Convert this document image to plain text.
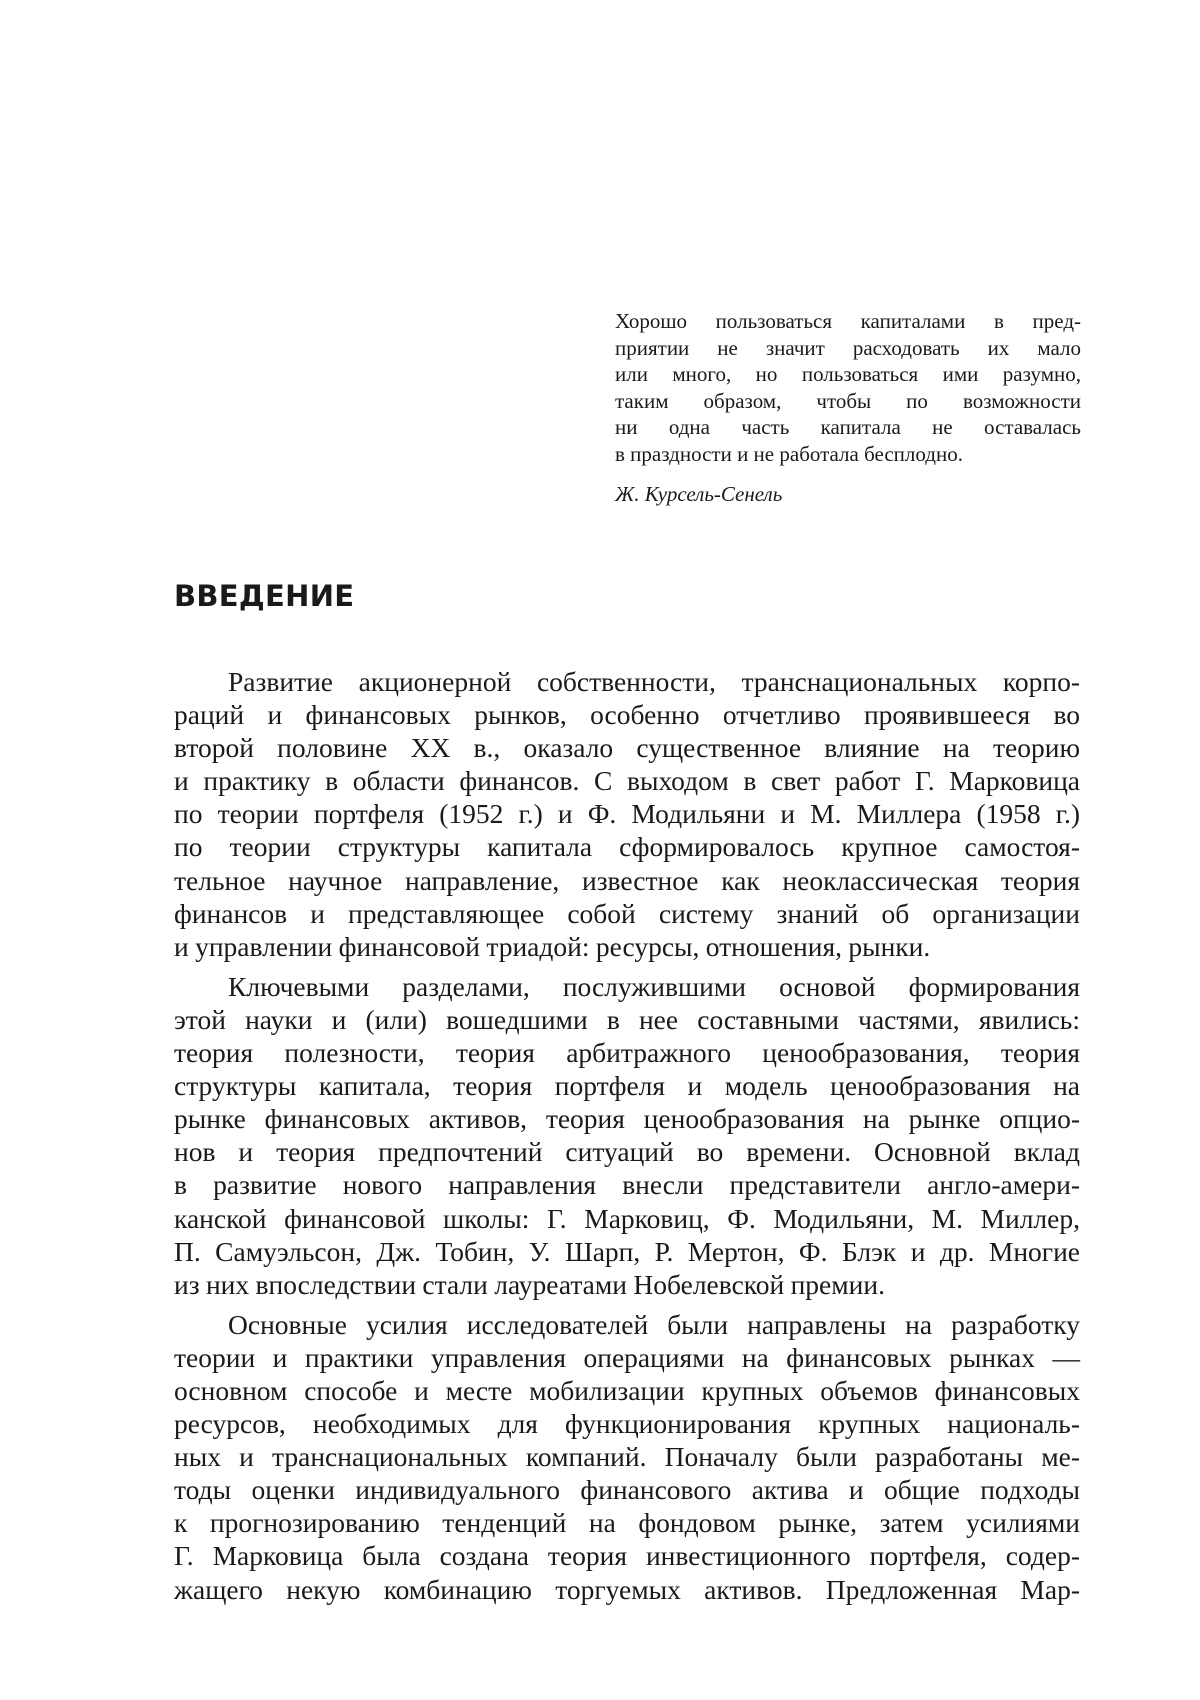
Хорошо пользоваться капиталами в пред-
приятии не значит расходовать их мало
или много, но пользоваться ими разумно,
таким образом, чтобы по возможности
ни одна часть капитала не оставалась
в праздности и не работала бесплодно.

Ж. Курсель-Сенель

ВВЕДЕНИЕ
Развитие акционерной собственности, транснациональных корпо-
раций и финансовых рынков, особенно отчетливо проявившееся во
второй половине XX в., оказало существенное влияние на теорию
и практику в области финансов. С выходом в свет работ Г. Марковица
по теории портфеля (1952 г.) и Ф. Модильяни и М. Миллера (1958 г.)
по теории структуры капитала сформировалось крупное самостоя-
тельное научное направление, известное как неоклассическая теория
финансов и представляющее собой систему знаний об организации
и управлении финансовой триадой: ресурсы, отношения, рынки.
Ключевыми разделами, послужившими основой формирования
этой науки и (или) вошедшими в нее составными частями, явились:
теория полезности, теория арбитражного ценообразования, теория
структуры капитала, теория портфеля и модель ценообразования на
рынке финансовых активов, теория ценообразования на рынке опцио-
нов и теория предпочтений ситуаций во времени. Основной вклад
в развитие нового направления внесли представители англо-амери-
канской финансовой школы: Г. Марковиц, Ф. Модильяни, М. Миллер,
П. Самуэльсон, Дж. Тобин, У. Шарп, Р. Мертон, Ф. Блэк и др. Многие
из них впоследствии стали лауреатами Нобелевской премии.
Основные усилия исследователей были направлены на разработку
теории и практики управления операциями на финансовых рынках —
основном способе и месте мобилизации крупных объемов финансовых
ресурсов, необходимых для функционирования крупных националь-
ных и транснациональных компаний. Поначалу были разработаны ме-
тоды оценки индивидуального финансового актива и общие подходы
к прогнозированию тенденций на фондовом рынке, затем усилиями
Г. Марковица была создана теория инвестиционного портфеля, содер-
жащего некую комбинацию торгуемых активов. Предложенная Мар-
